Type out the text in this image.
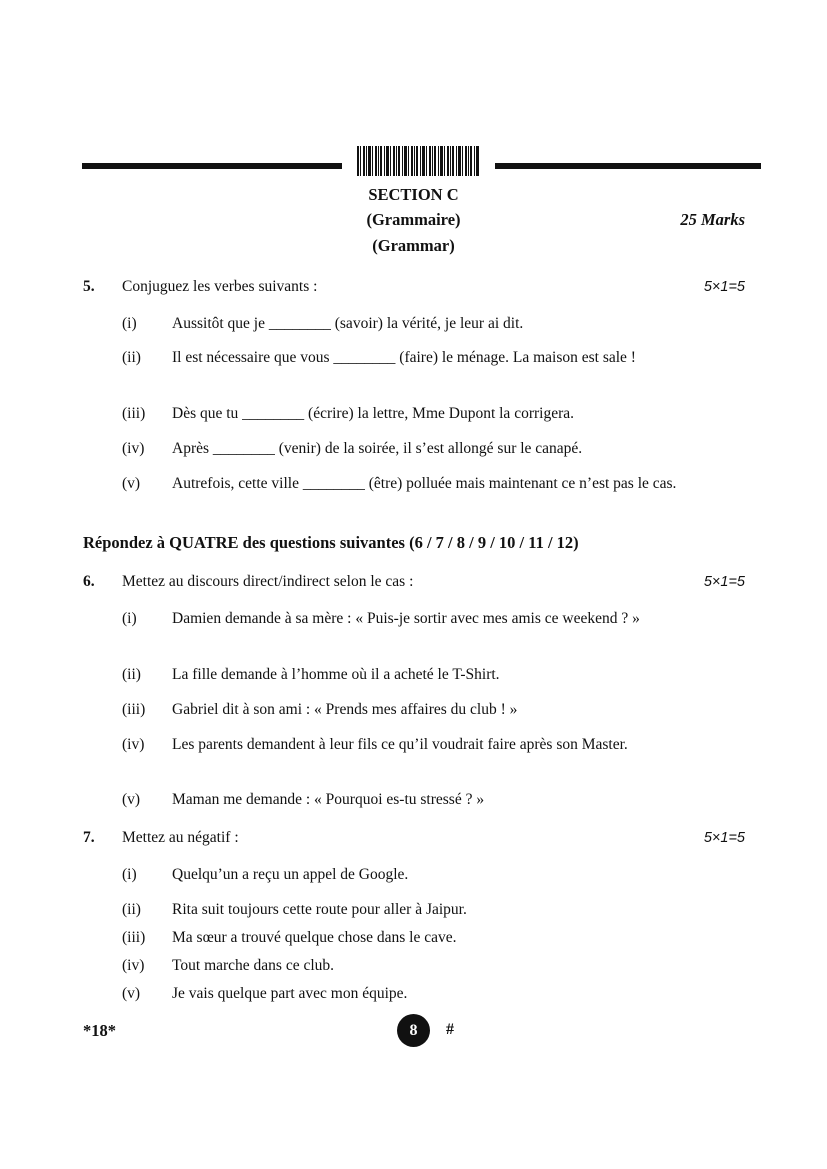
SECTION C
(Grammaire)	25 Marks
(Grammar)
5. Conjuguez les verbes suivants :	5×1=5
(i)	Aussitôt que je ________ (savoir) la vérité, je leur ai dit.
(ii)	Il est nécessaire que vous ________ (faire) le ménage. La maison est sale !
(iii)	Dès que tu ________ (écrire) la lettre, Mme Dupont la corrigera.
(iv)	Après ________ (venir) de la soirée, il s’est allongé sur le canapé.
(v)	Autrefois, cette ville ________ (être) polluée mais maintenant ce n’est pas le cas.
Répondez à QUATRE des questions suivantes (6 / 7 / 8 / 9 / 10 / 11 / 12)
6. Mettez au discours direct/indirect selon le cas :	5×1=5
(i)	Damien demande à sa mère : « Puis-je sortir avec mes amis ce weekend ? »
(ii)	La fille demande à l’homme où il a acheté le T-Shirt.
(iii)	Gabriel dit à son ami : « Prends mes affaires du club ! »
(iv)	Les parents demandent à leur fils ce qu’il voudrait faire après son Master.
(v)	Maman me demande : « Pourquoi es-tu stressé ? »
7. Mettez au négatif :	5×1=5
(i)	Quelqu’un a reçu un appel de Google.
(ii)	Rita suit toujours cette route pour aller à Jaipur.
(iii)	Ma sœur a trouvé quelque chose dans le cave.
(iv)	Tout marche dans ce club.
(v)	Je vais quelque part avec mon équipe.
*18*	8	#
